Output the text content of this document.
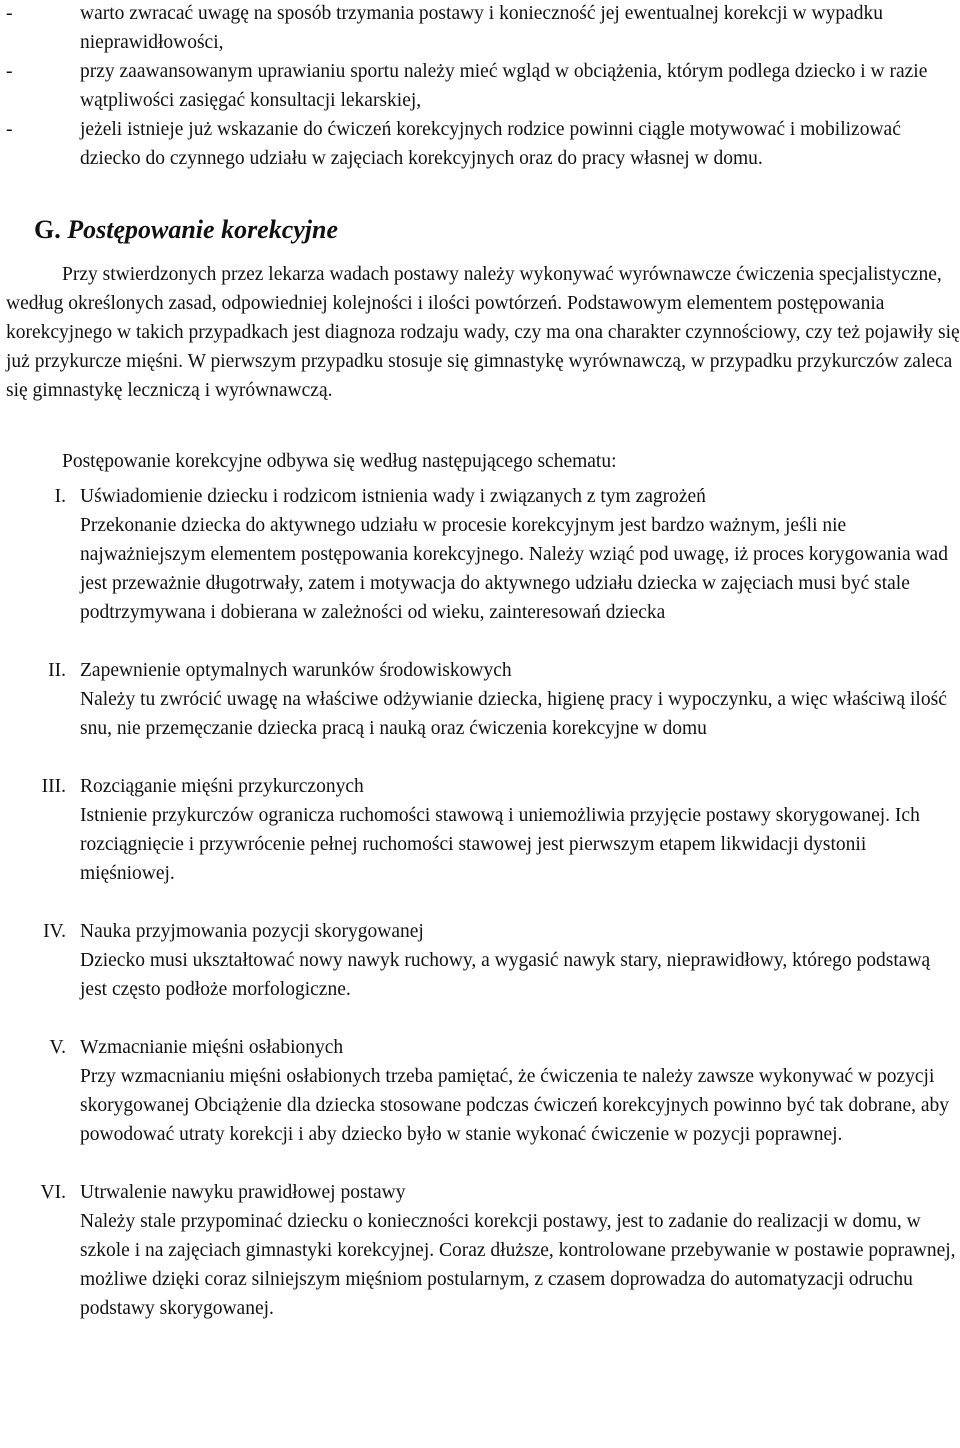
-	warto zwracać uwagę na sposób trzymania postawy i konieczność jej ewentualnej korekcji w wypadku nieprawidłowości,
-	przy zaawansowanym uprawianiu sportu należy mieć wgląd w obciążenia, którym podlega dziecko i w razie wątpliwości zasięgać konsultacji lekarskiej,
-	jeżeli istnieje już wskazanie do ćwiczeń korekcyjnych rodzice powinni ciągle motywować i mobilizować dziecko do czynnego udziału w zajęciach korekcyjnych oraz do pracy własnej w domu.
G. Postępowanie korekcyjne

Przy stwierdzonych przez lekarza wadach postawy należy wykonywać wyrównawcze ćwiczenia specjalistyczne, według określonych zasad, odpowiedniej kolejności i ilości powtórzeń. Podstawowym elementem postępowania korekcyjnego w takich przypadkach jest diagnoza rodzaju wady, czy ma ona charakter czynnościowy, czy też pojawiły się już przykurcze mięśni. W pierwszym przypadku stosuje się gimnastykę wyrównawczą, w przypadku przykurczów zaleca się gimnastykę leczniczą i wyrównawczą.

Postępowanie korekcyjne odbywa się według następującego schematu:

I. Uświadomienie dziecku i rodzicom istnienia wady i związanych z tym zagrożeń
Przekonanie dziecka do aktywnego udziału w procesie korekcyjnym jest bardzo ważnym, jeśli nie najważniejszym elementem postępowania korekcyjnego. Należy wziąć pod uwagę, iż proces korygowania wad jest przeważnie długotrwały, zatem i motywacja do aktywnego udziału dziecka w zajęciach musi być stale podtrzymywana i dobierana w zależności od wieku, zainteresowań dziecka
II. Zapewnienie optymalnych warunków środowiskowych
Należy tu zwrócić uwagę na właściwe odżywianie dziecka, higienę pracy i wypoczynku, a więc właściwą ilość snu, nie przemęczanie dziecka pracą i nauką oraz ćwiczenia korekcyjne w domu
III. Rozciąganie mięśni przykurczonych
Istnienie przykurczów ogranicza ruchomości stawową i uniemożliwia przyjęcie postawy skorygowanej. Ich rozciągnięcie i przywrócenie pełnej ruchomości stawowej jest pierwszym etapem likwidacji dystonii mięśniowej.
IV. Nauka przyjmowania pozycji skorygowanej
Dziecko musi ukształtować nowy nawyk ruchowy, a wygasić nawyk stary, nieprawidłowy, którego podstawą jest często podłoże morfologiczne.
V. Wzmacnianie mięśni osłabionych
Przy wzmacnianiu mięśni osłabionych trzeba pamiętać, że ćwiczenia te należy zawsze wykonywać w pozycji skorygowanej Obciążenie dla dziecka stosowane podczas ćwiczeń korekcyjnych powinno być tak dobrane, aby powodować utraty korekcji i aby dziecko było w stanie wykonać ćwiczenie w pozycji poprawnej.
VI. Utrwalenie nawyku prawidłowej postawy
Należy stale przypominać dziecku o konieczności korekcji postawy, jest to zadanie do realizacji w domu, w szkole i na zajęciach gimnastyki korekcyjnej. Coraz dłuższe, kontrolowane przebywanie w postawie poprawnej, możliwe dzięki coraz silniejszym mięśniom postularnym, z czasem doprowadza do automatyzacji odruchu podstawy skorygowanej.
